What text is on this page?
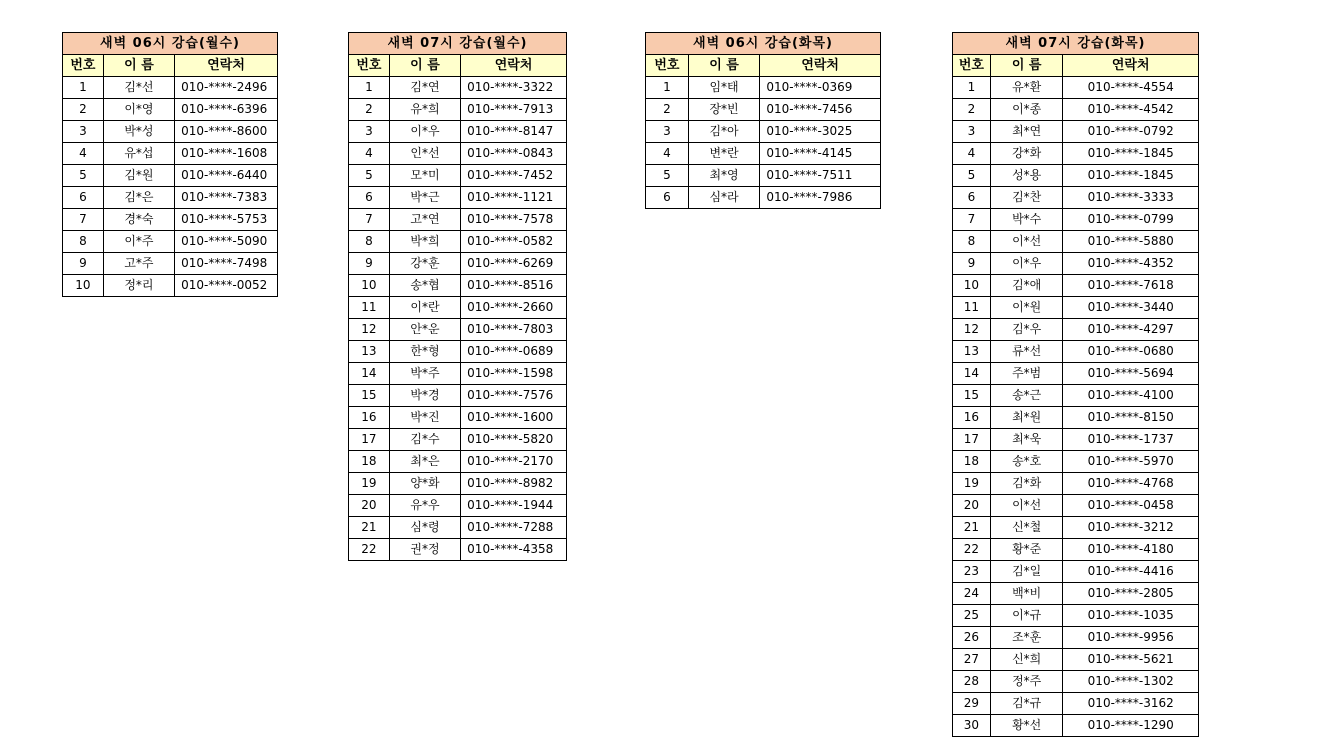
새벽 06시 강습(월수)		
번호	이 름	연락처
1	김*선	010-****-2496
2	이*영	010-****-6396
3	박*성	010-****-8600
4	유*섭	010-****-1608
5	김*원	010-****-6440
6	김*은	010-****-7383
7	경*숙	010-****-5753
8	이*주	010-****-5090
9	고*주	010-****-7498
10	정*리	010-****-0052
새벽 07시 강습(월수)		
번호	이 름	연락처
1	김*연	010-****-3322
2	유*희	010-****-7913
3	이*우	010-****-8147
4	인*선	010-****-0843
5	모*미	010-****-7452
6	박*근	010-****-1121
7	고*연	010-****-7578
8	박*희	010-****-0582
9	강*훈	010-****-6269
10	송*협	010-****-8516
11	이*란	010-****-2660
12	안*운	010-****-7803
13	한*형	010-****-0689
14	박*주	010-****-1598
15	박*경	010-****-7576
16	박*진	010-****-1600
17	김*수	010-****-5820
18	최*은	010-****-2170
19	양*화	010-****-8982
20	유*우	010-****-1944
21	심*령	010-****-7288
22	권*정	010-****-4358
새벽 06시 강습(화목)		
번호	이 름	연락처
1	임*태	010-****-0369
2	장*빈	010-****-7456
3	김*아	010-****-3025
4	변*란	010-****-4145
5	최*영	010-****-7511
6	심*라	010-****-7986
새벽 07시 강습(화목)		
번호	이 름	연락처
1	유*환	010-****-4554
2	이*종	010-****-4542
3	최*연	010-****-0792
4	강*화	010-****-1845
5	성*용	010-****-1845
6	김*찬	010-****-3333
7	박*수	010-****-0799
8	이*선	010-****-5880
9	이*우	010-****-4352
10	김*애	010-****-7618
11	이*원	010-****-3440
12	김*우	010-****-4297
13	류*선	010-****-0680
14	주*범	010-****-5694
15	송*근	010-****-4100
16	최*원	010-****-8150
17	최*욱	010-****-1737
18	송*호	010-****-5970
19	김*화	010-****-4768
20	이*선	010-****-0458
21	신*철	010-****-3212
22	황*준	010-****-4180
23	김*일	010-****-4416
24	백*비	010-****-2805
25	이*규	010-****-1035
26	조*훈	010-****-9956
27	신*희	010-****-5621
28	정*주	010-****-1302
29	김*규	010-****-3162
30	황*선	010-****-1290
